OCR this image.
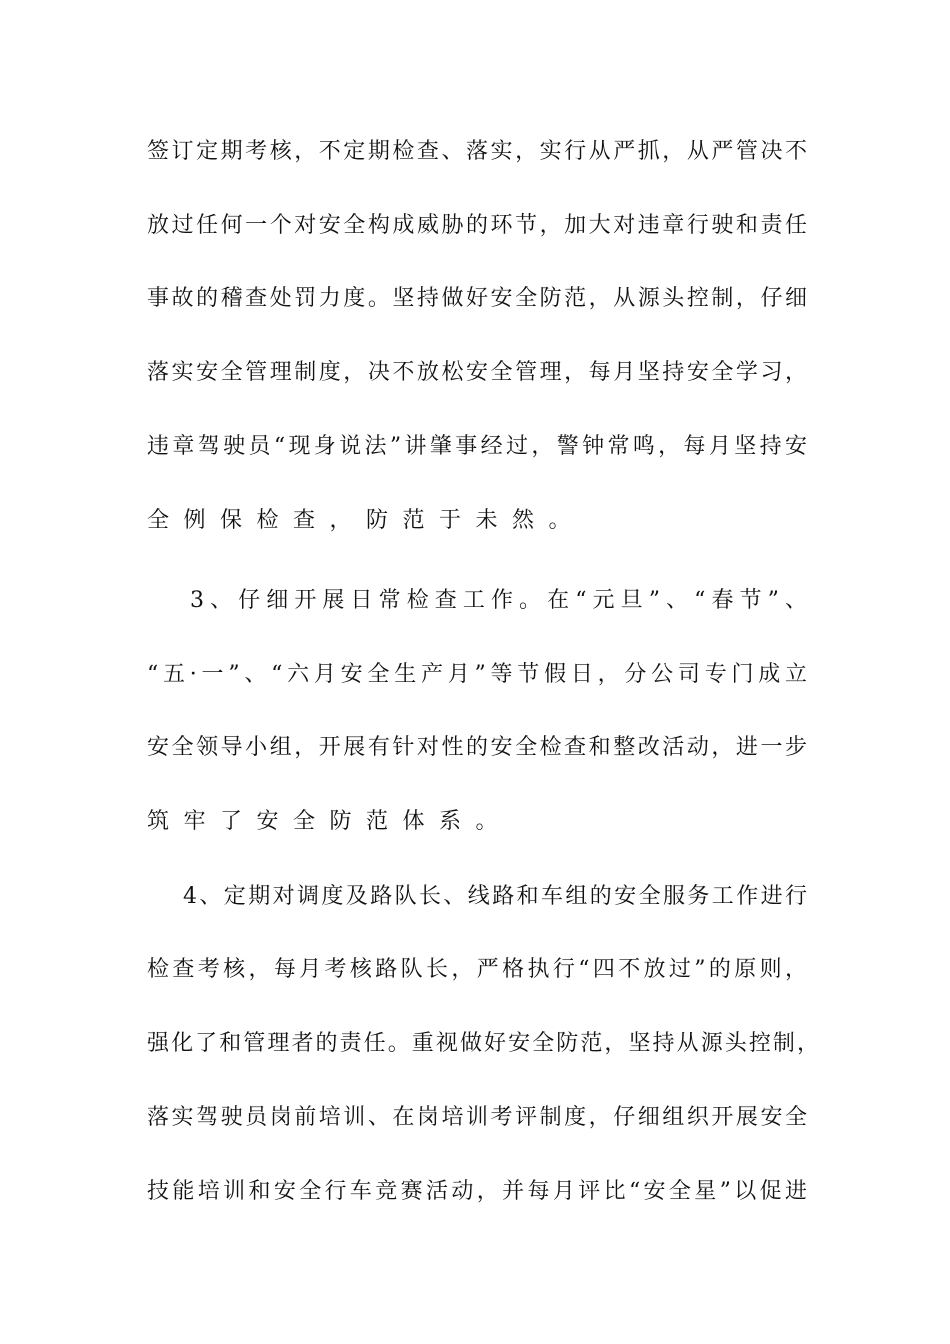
签订定期考核，不定期检查、落实，实行从严抓，从严管决不
放过任何一个对安全构成威胁的环节，加大对违章行驶和责任
事故的稽查处罚力度。坚持做好安全防范，从源头控制，仔细
落实安全管理制度，决不放松安全管理，每月坚持安全学习，
违章驾驶员“现身说法”讲肇事经过，警钟常鸣，每月坚持安
全例保检查，防范于未然。
3、仔细开展日常检查工作。在“元旦”、“春节”、
“五·一”、“六月安全生产月”等节假日，分公司专门成立
安全领导小组，开展有针对性的安全检查和整改活动，进一步
筑牢了安全防范体系。
4、定期对调度及路队长、线路和车组的安全服务工作进行
检查考核，每月考核路队长，严格执行“四不放过”的原则，
强化了和管理者的责任。重视做好安全防范，坚持从源头控制，
落实驾驶员岗前培训、在岗培训考评制度，仔细组织开展安全
技能培训和安全行车竞赛活动，并每月评比“安全星”以促进
